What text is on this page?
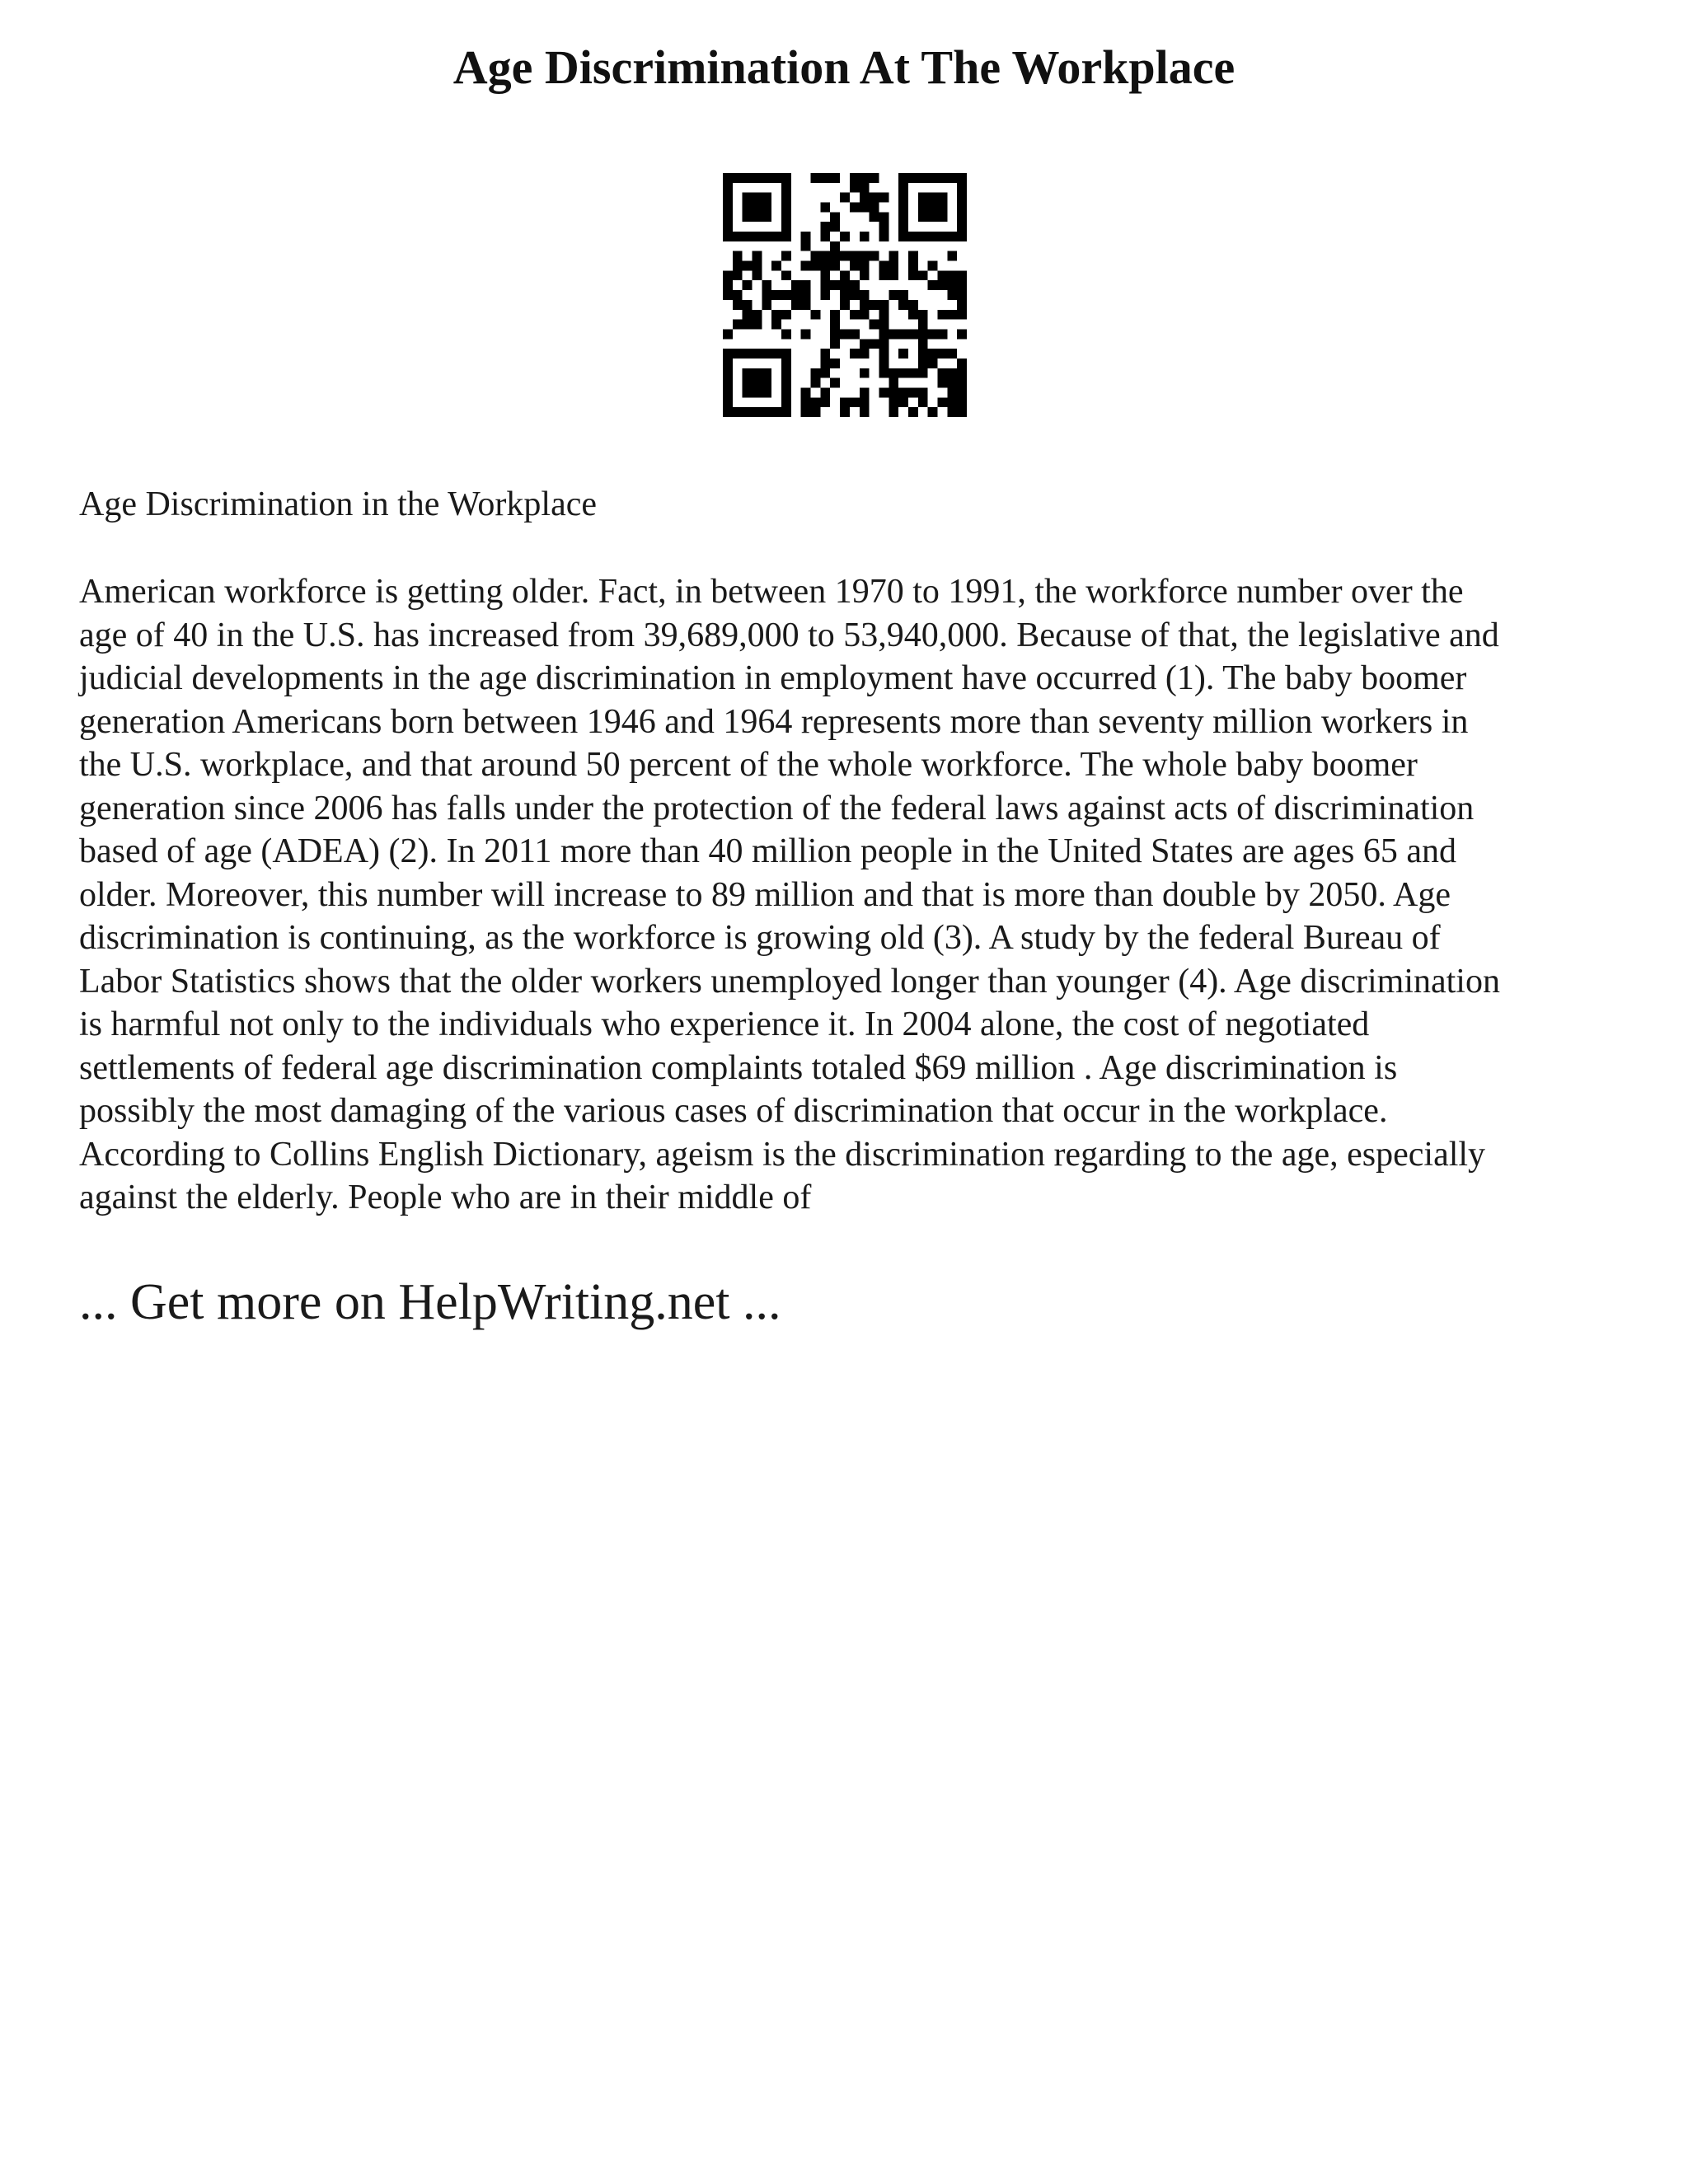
Age Discrimination At The Workplace

Age Discrimination in the Workplace

American workforce is getting older. Fact, in between 1970 to 1991, the workforce number over the
age of 40 in the U.S. has increased from 39,689,000 to 53,940,000. Because of that, the legislative and
judicial developments in the age discrimination in employment have occurred (1). The baby boomer
generation Americans born between 1946 and 1964 represents more than seventy million workers in
the U.S. workplace, and that around 50 percent of the whole workforce. The whole baby boomer
generation since 2006 has falls under the protection of the federal laws against acts of discrimination
based of age (ADEA) (2). In 2011 more than 40 million people in the United States are ages 65 and
older. Moreover, this number will increase to 89 million and that is more than double by 2050. Age
discrimination is continuing, as the workforce is growing old (3). A study by the federal Bureau of
Labor Statistics shows that the older workers unemployed longer than younger (4). Age discrimination
is harmful not only to the individuals who experience it. In 2004 alone, the cost of negotiated
settlements of federal age discrimination complaints totaled $69 million . Age discrimination is
possibly the most damaging of the various cases of discrimination that occur in the workplace.
According to Collins English Dictionary, ageism is the discrimination regarding to the age, especially
against the elderly. People who are in their middle of
... Get more on HelpWriting.net ...
